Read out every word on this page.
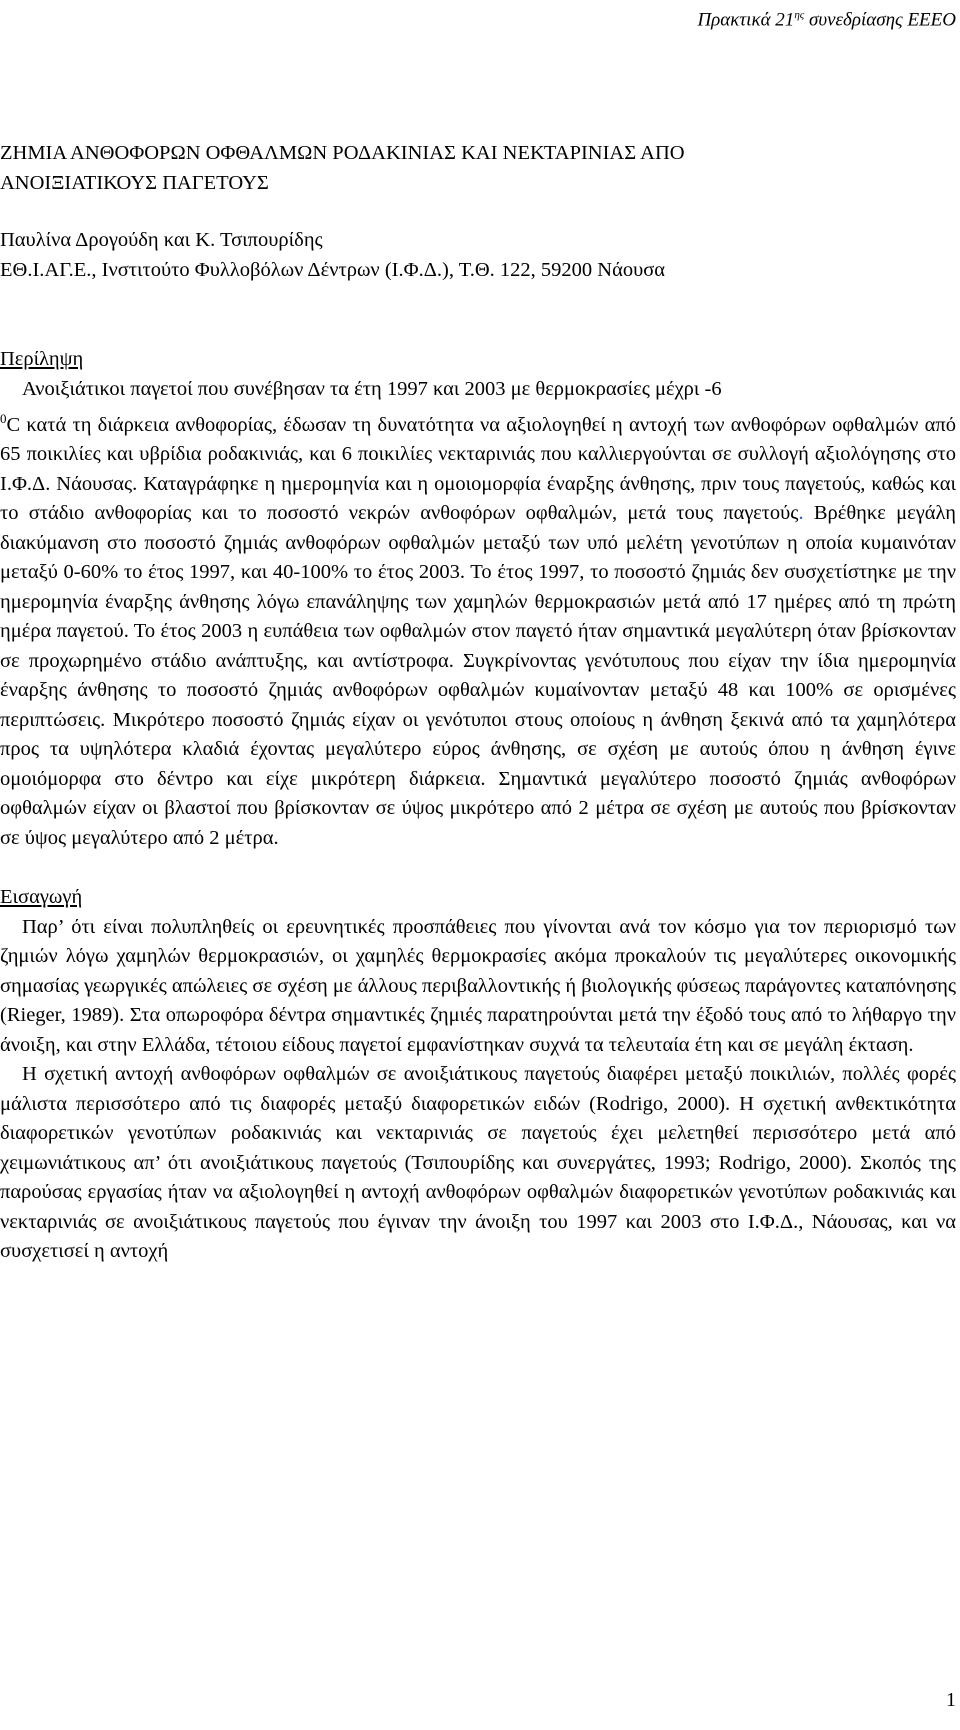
Πρακτικά $21^{\eta\varsigma}$ συνεδρίασης ΕΕΕΟ
ΖΗΜΙΑ ΑΝΘΟΦΟΡΩΝ ΟΦΘΑΛΜΩΝ ΡΟΔΑΚΙΝΙΑΣ ΚΑΙ ΝΕΚΤΑΡΙΝΙΑΣ ΑΠΟ
ΑΝΟΙΞΙΑΤΙΚΟΥΣ ΠΑΓΕΤΟΥΣ
Παυλίνα Δρογούδη και Κ. Τσιπουρίδης
ΕΘ.Ι.ΑΓ.Ε., Ινστιτούτο Φυλλοβόλων Δέντρων (Ι.Φ.Δ.), Τ.Θ. 122, 59200 Νάουσα
Περίληψη
Ανοιξιάτικοι παγετοί που συνέβησαν τα έτη 1997 και 2003 με θερμοκρασίες μέχρι -6

$^0$C κατά τη διάρκεια ανθοφορίας, έδωσαν τη δυνατότητα να αξιολογηθεί η αντοχή των ανθοφόρων οφθαλμών από 65 ποικιλίες και υβρίδια ροδακινιάς, και 6 ποικιλίες νεκταρινιάς που καλλιεργούνται σε συλλογή αξιολόγησης στο Ι.Φ.Δ. Νάουσας. Καταγράφηκε η ημερομηνία και η ομοιομορφία έναρξης άνθησης, πριν τους παγετούς, καθώς και το στάδιο ανθοφορίας και το ποσοστό νεκρών ανθοφόρων οφθαλμών, μετά τους παγετούς. Βρέθηκε μεγάλη διακύμανση στο ποσοστό ζημιάς ανθοφόρων οφθαλμών μεταξύ των υπό μελέτη γενοτύπων η οποία κυμαινόταν μεταξύ 0-60% το έτος 1997, και 40-100% το έτος 2003. Το έτος 1997, το ποσοστό ζημιάς δεν συσχετίστηκε με την ημερομηνία έναρξης άνθησης λόγω επανάληψης των χαμηλών θερμοκρασιών μετά από 17 ημέρες από τη πρώτη ημέρα παγετού. Το έτος 2003 η ευπάθεια των οφθαλμών στον παγετό ήταν σημαντικά μεγαλύτερη όταν βρίσκονταν σε προχωρημένο στάδιο ανάπτυξης, και αντίστροφα. Συγκρίνοντας γενότυπους που είχαν την ίδια ημερομηνία έναρξης άνθησης το ποσοστό ζημιάς ανθοφόρων οφθαλμών κυμαίνονταν μεταξύ 48 και 100% σε ορισμένες περιπτώσεις. Μικρότερο ποσοστό ζημιάς είχαν οι γενότυποι στους οποίους η άνθηση ξεκινά από τα χαμηλότερα προς τα υψηλότερα κλαδιά έχοντας μεγαλύτερο εύρος άνθησης, σε σχέση με αυτούς όπου η άνθηση έγινε ομοιόμορφα στο δέντρο και είχε μικρότερη διάρκεια. Σημαντικά μεγαλύτερο ποσοστό ζημιάς ανθοφόρων οφθαλμών είχαν οι βλαστοί που βρίσκονταν σε ύψος μικρότερο από 2 μέτρα σε σχέση με αυτούς που βρίσκονταν σε ύψος μεγαλύτερο από 2 μέτρα.

Εισαγωγή

Παρ’ ότι είναι πολυπληθείς οι ερευνητικές προσπάθειες που γίνονται ανά τον κόσμο για τον περιορισμό των ζημιών λόγω χαμηλών θερμοκρασιών, οι χαμηλές θερμοκρασίες ακόμα προκαλούν τις μεγαλύτερες οικονομικής σημασίας γεωργικές απώλειες σε σχέση με άλλους περιβαλλοντικής ή βιολογικής φύσεως παράγοντες καταπόνησης (Rieger, 1989). Στα οπωροφόρα δέντρα σημαντικές ζημιές παρατηρούνται μετά την έξοδό τους από το λήθαργο την άνοιξη, και στην Ελλάδα, τέτοιου είδους παγετοί εμφανίστηκαν συχνά τα τελευταία έτη και σε μεγάλη έκταση.

Η σχετική αντοχή ανθοφόρων οφθαλμών σε ανοιξιάτικους παγετούς διαφέρει μεταξύ ποικιλιών, πολλές φορές μάλιστα περισσότερο από τις διαφορές μεταξύ διαφορετικών ειδών (Rodrigo, 2000). Η σχετική ανθεκτικότητα διαφορετικών γενοτύπων ροδακινιάς και νεκταρινιάς σε παγετούς έχει μελετηθεί περισσότερο μετά από χειμωνιάτικους απ’ ότι ανοιξιάτικους παγετούς (Τσιπουρίδης και συνεργάτες, 1993; Rodrigo, 2000). Σκοπός της παρούσας εργασίας ήταν να αξιολογηθεί η αντοχή ανθοφόρων οφθαλμών διαφορετικών γενοτύπων ροδακινιάς και νεκταρινιάς σε ανοιξιάτικους παγετούς που έγιναν την άνοιξη του 1997 και 2003 στο Ι.Φ.Δ., Νάουσας, και να συσχετισεί η αντοχή

1
